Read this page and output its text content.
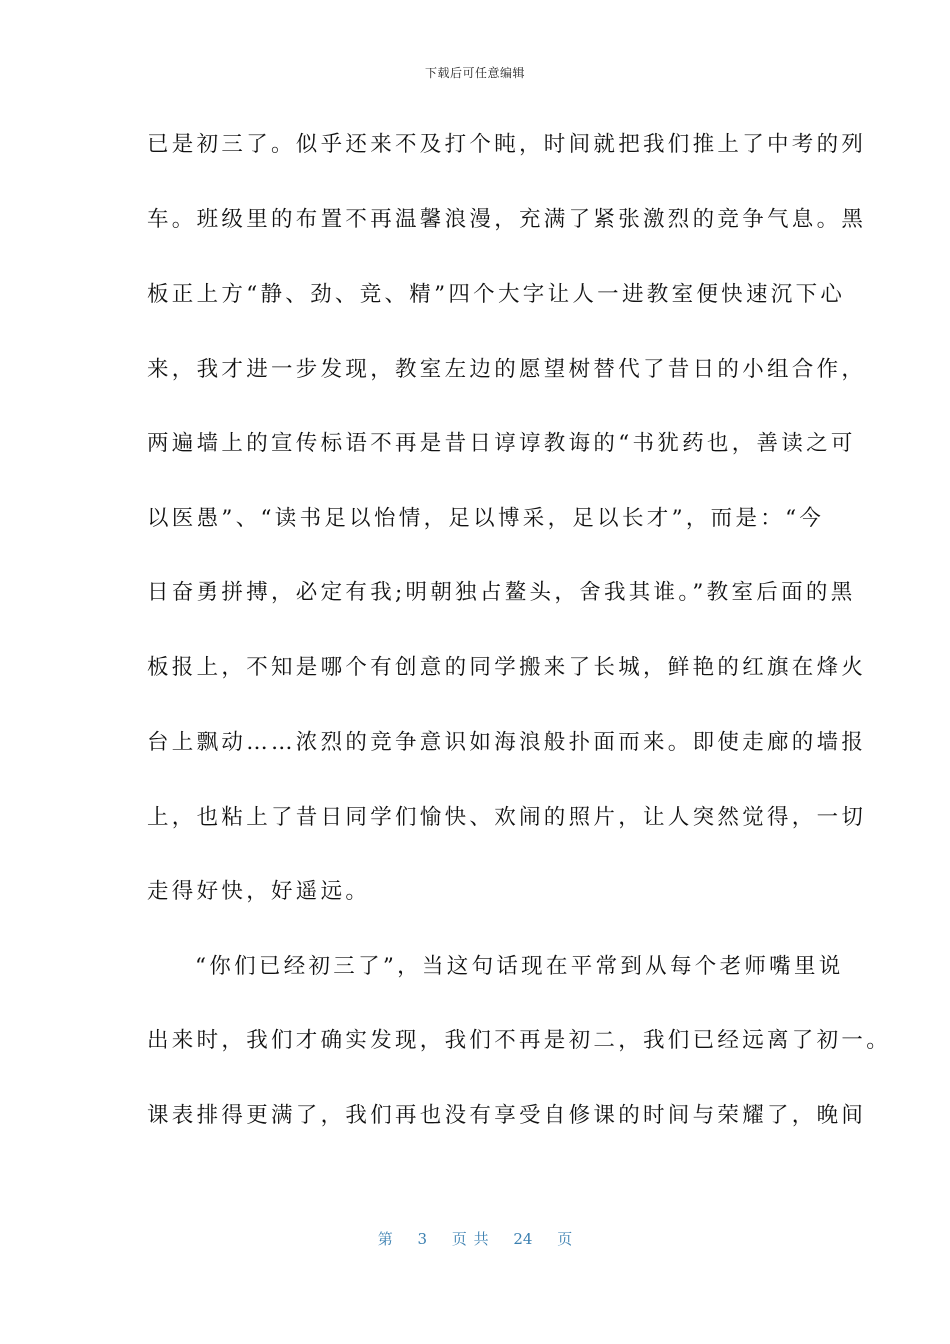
下载后可任意编辑
已是初三了。似乎还来不及打个盹，时间就把我们推上了中考的列
车。班级里的布置不再温馨浪漫，充满了紧张激烈的竞争气息。黑
板正上方“静、劲、竞、精”四个大字让人一进教室便快速沉下心
来，我才进一步发现，教室左边的愿望树替代了昔日的小组合作，
两遍墙上的宣传标语不再是昔日谆谆教诲的“书犹药也，善读之可
以医愚”、“读书足以怡情，足以博采，足以长才”，而是：“今
日奋勇拼搏，必定有我;明朝独占鳌头，舍我其谁。”教室后面的黑
板报上，不知是哪个有创意的同学搬来了长城，鲜艳的红旗在烽火
台上飘动……浓烈的竞争意识如海浪般扑面而来。即使走廊的墙报
上，也粘上了昔日同学们愉快、欢闹的照片，让人突然觉得，一切
走得好快，好遥远。
“你们已经初三了”，当这句话现在平常到从每个老师嘴里说
出来时，我们才确实发现，我们不再是初二，我们已经远离了初一。
课表排得更满了，我们再也没有享受自修课的时间与荣耀了，晚间
第 3 页 共 24 页
